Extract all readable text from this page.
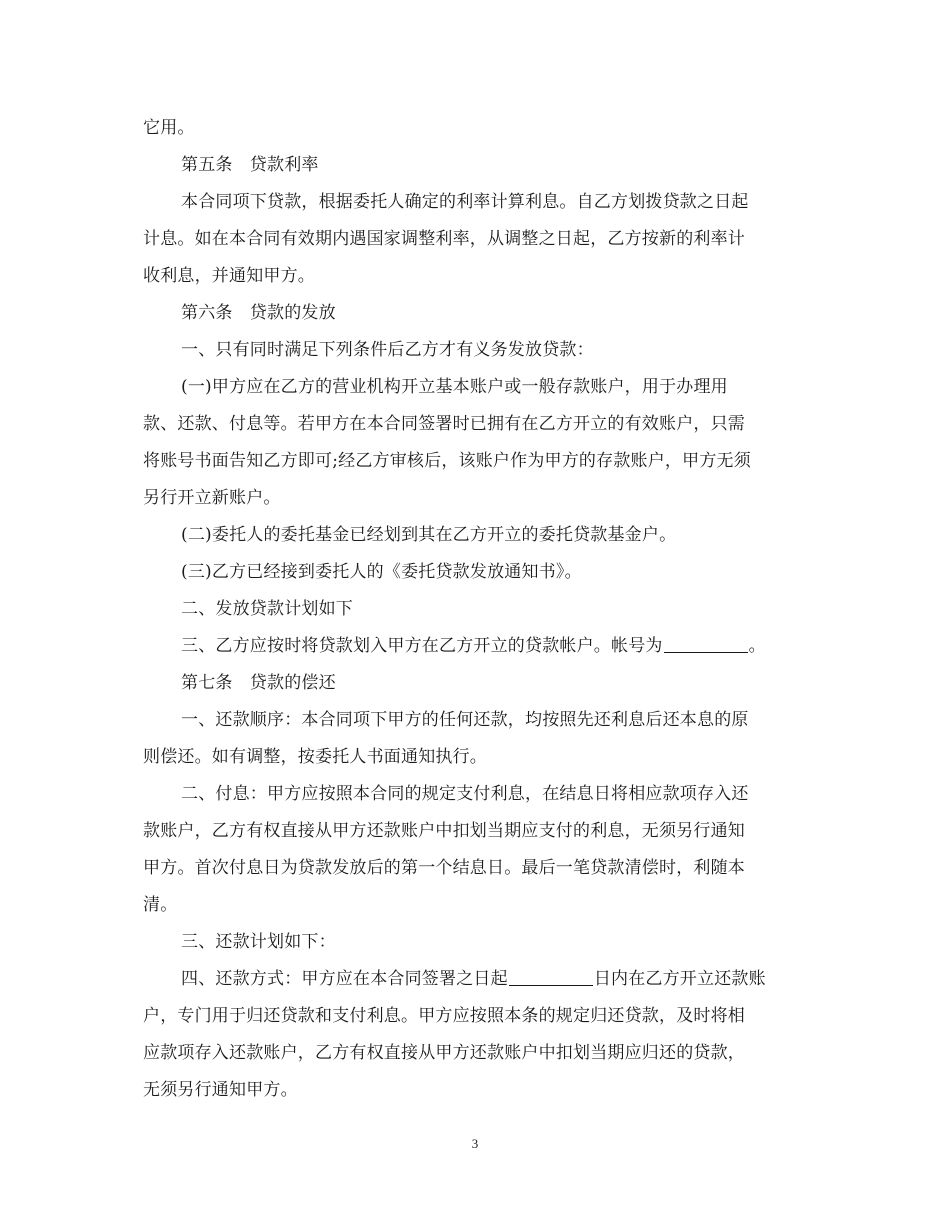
它用。
第五条　贷款利率
本合同项下贷款，根据委托人确定的利率计算利息。自乙方划拨贷款之日起
计息。如在本合同有效期内遇国家调整利率，从调整之日起，乙方按新的利率计
收利息，并通知甲方。
第六条　贷款的发放
一、只有同时满足下列条件后乙方才有义务发放贷款：
(一)甲方应在乙方的营业机构开立基本账户或一般存款账户，用于办理用
款、还款、付息等。若甲方在本合同签署时已拥有在乙方开立的有效账户，只需
将账号书面告知乙方即可;经乙方审核后，该账户作为甲方的存款账户，甲方无须
另行开立新账户。
(二)委托人的委托基金已经划到其在乙方开立的委托贷款基金户。
(三)乙方已经接到委托人的《委托贷款发放通知书》。
二、发放贷款计划如下
三、乙方应按时将贷款划入甲方在乙方开立的贷款帐户。帐号为	。
第七条　贷款的偿还
一、还款顺序：本合同项下甲方的任何还款，均按照先还利息后还本息的原
则偿还。如有调整，按委托人书面通知执行。
二、付息：甲方应按照本合同的规定支付利息，在结息日将相应款项存入还
款账户，乙方有权直接从甲方还款账户中扣划当期应支付的利息，无须另行通知
甲方。首次付息日为贷款发放后的第一个结息日。最后一笔贷款清偿时，利随本
清。
三、还款计划如下：
四、还款方式：甲方应在本合同签署之日起	日内在乙方开立还款账
户，专门用于归还贷款和支付利息。甲方应按照本条的规定归还贷款，及时将相
应款项存入还款账户，乙方有权直接从甲方还款账户中扣划当期应归还的贷款，
无须另行通知甲方。
3
